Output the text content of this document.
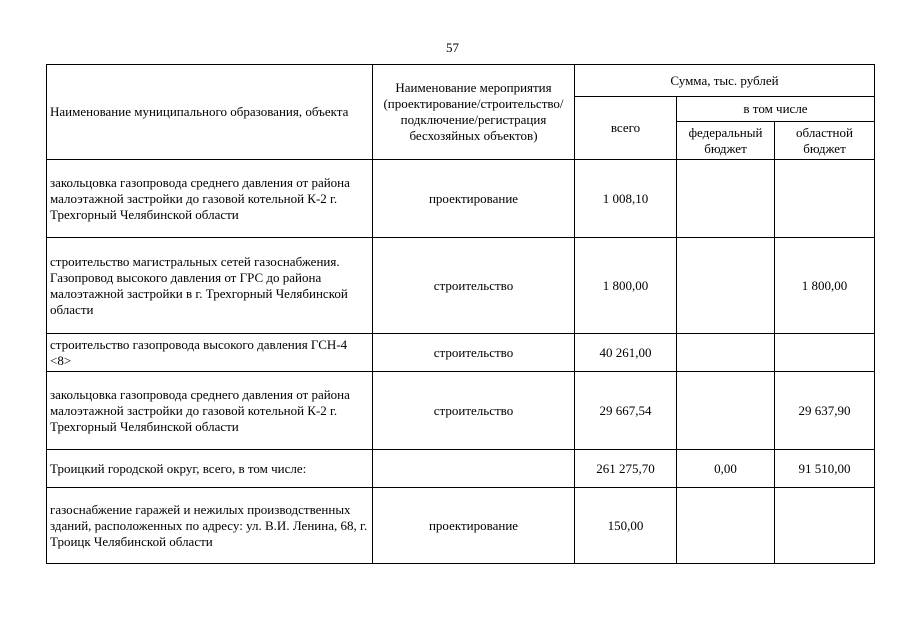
57
Наименование муниципального образования, объекта	Наименование мероприятия (проектирование/строительство/подключение/регистрация бесхозяйных объектов)	Сумма, тыс. рублей		
		всего	в том числе	
			федеральный бюджет	областной бюджет
закольцовка газопровода среднего давления от района малоэтажной застройки до газовой котельной К-2 г. Трехгорный Челябинской области	проектирование	1 008,10		
строительство магистральных сетей газоснабжения. Газопровод высокого давления от ГРС до района малоэтажной застройки в г. Трехгорный Челябинской области	строительство	1 800,00		1 800,00
строительство газопровода высокого давления ГСН-4 <8>	строительство	40 261,00		
закольцовка газопровода среднего давления от района малоэтажной застройки до газовой котельной К-2 г. Трехгорный Челябинской области	строительство	29 667,54		29 637,90
Троицкий городской округ, всего, в том числе:		261 275,70	0,00	91 510,00
газоснабжение гаражей и нежилых производственных зданий, расположенных по адресу: ул. В.И. Ленина, 68, г. Троицк Челябинской области	проектирование	150,00		
